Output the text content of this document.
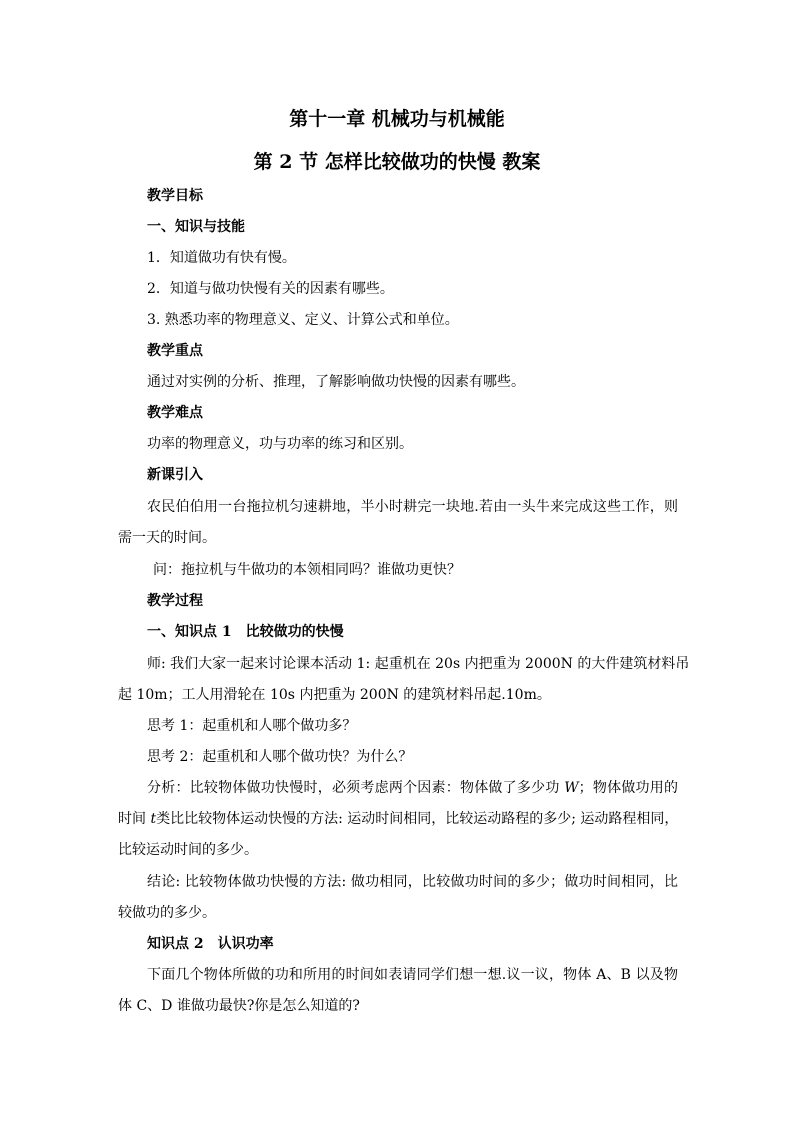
第十一章 机械功与机械能
第 2 节 怎样比较做功的快慢 教案
教学目标
一、知识与技能
1．知道做功有快有慢。
2．知道与做功快慢有关的因素有哪些。
3. 熟悉功率的物理意义、定义、计算公式和单位。
教学重点
通过对实例的分析、推理，了解影响做功快慢的因素有哪些。
教学难点
功率的物理意义，功与功率的练习和区别。
新课引入
农民伯伯用一台拖拉机匀速耕地，半小时耕完一块地.若由一头牛来完成这些工作，则
需一天的时间。
问：拖拉机与牛做功的本领相同吗？谁做功更快？
教学过程
一、知识点 1　比较做功的快慢
师: 我们大家一起来讨论课本活动 1: 起重机在 20s 内把重为 2000N 的大件建筑材料吊
起 10m；工人用滑轮在 10s 内把重为 200N 的建筑材料吊起.10m。
思考 1：起重机和人哪个做功多？
思考 2：起重机和人哪个做功快？为什么？
分析：比较物体做功快慢时，必须考虑两个因素：物体做了多少功 W；物体做功用的
时间 t类比比较物体运动快慢的方法: 运动时间相同，比较运动路程的多少; 运动路程相同，
比较运动时间的多少。
结论: 比较物体做功快慢的方法: 做功相同，比较做功时间的多少；做功时间相同，比
较做功的多少。
知识点 2　认识功率
下面几个物体所做的功和所用的时间如表请同学们想一想.议一议，物体 A、B 以及物
体 C、D 谁做功最快?你是怎么知道的?
